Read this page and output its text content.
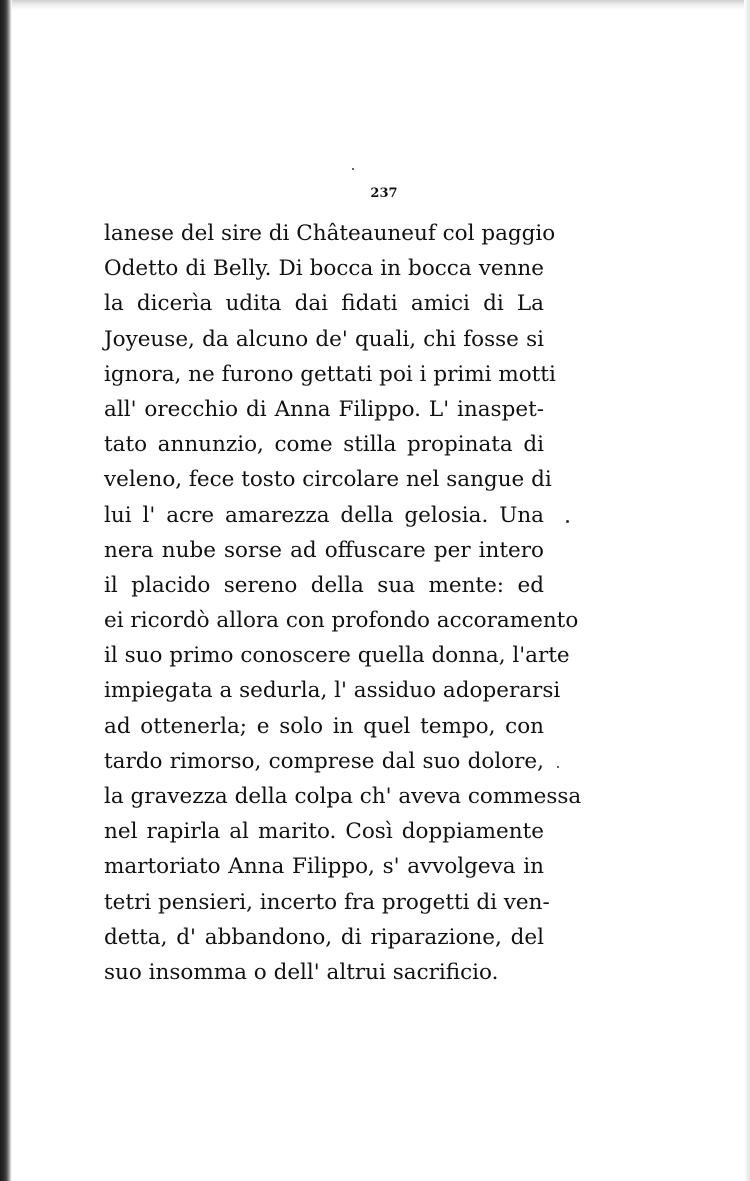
237
lanese del sire di Châteauneuf col paggio
Odetto di Belly. Di bocca in bocca venne
la dicerìa udita dai fidati amici di La
Joyeuse, da alcuno de' quali, chi fosse si
ignora, ne furono gettati poi i primi motti
all' orecchio di Anna Filippo. L' inaspet-
tato annunzio, come stilla propinata di
veleno, fece tosto circolare nel sangue di
lui l' acre amarezza della gelosia. Una
nera nube sorse ad offuscare per intero
il placido sereno della sua mente: ed
ei ricordò allora con profondo accoramento
il suo primo conoscere quella donna, l'arte
impiegata a sedurla, l' assiduo adoperarsi
ad ottenerla; e solo in quel tempo, con
tardo rimorso, comprese dal suo dolore,
la gravezza della colpa ch' aveva commessa
nel rapirla al marito. Così doppiamente
martoriato Anna Filippo, s' avvolgeva in
tetri pensieri, incerto fra progetti di ven-
detta, d' abbandono, di riparazione, del
suo insomma o dell' altrui sacrificio.
